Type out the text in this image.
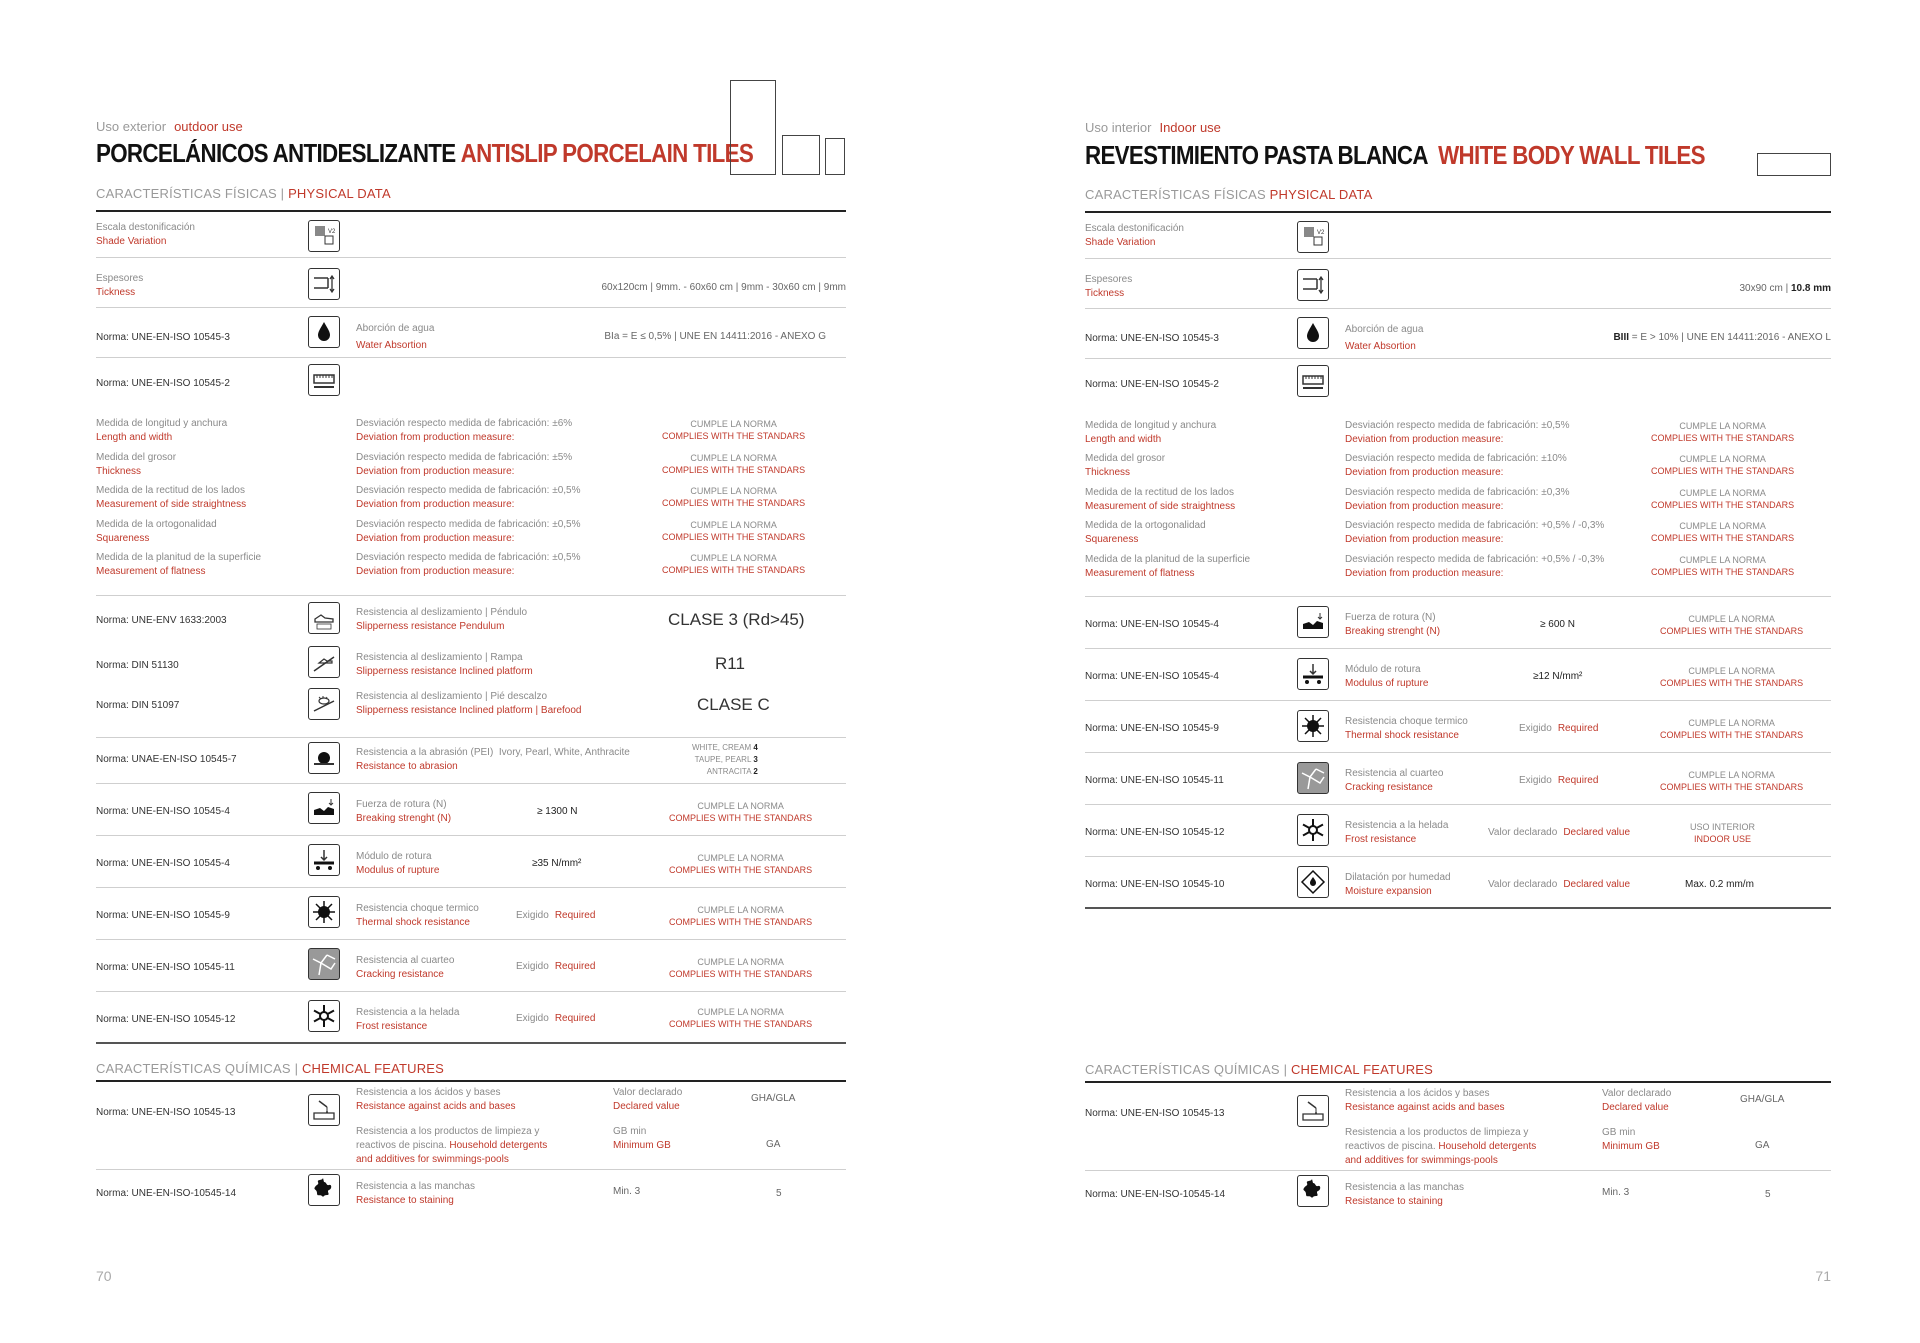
Uso exterior outdoor use
PORCELÁNICOS ANTIDESLIZANTE ANTISLIP PORCELAIN TILES
CARACTERÍSTICAS FÍSICAS | PHYSICAL DATA
Escala destonificación
Shade Variation
V2
Espesores
Tickness	60x120cm | 9mm. - 60x60 cm | 9mm - 30x60 cm | 9mm
Norma: UNE-EN-ISO 10545-3
Aborción de agua
Water Absortion
BIa = E ≤ 0,5% | UNE EN 14411:2016 - ANEXO G
Norma: UNE-EN-ISO 10545-2
Medida de longitud y anchura
Length and width
Desviación respecto medida de fabricación: ±6%
Deviation from production measure:
CUMPLE LA NORMA
COMPLIES WITH THE STANDARS
Medida del grosor
Thickness
Desviación respecto medida de fabricación: ±5%
Deviation from production measure:
CUMPLE LA NORMA
COMPLIES WITH THE STANDARS
Medida de la rectitud de los lados
Measurement of side straightness
Desviación respecto medida de fabricación: ±0,5%
Deviation from production measure:
CUMPLE LA NORMA
COMPLIES WITH THE STANDARS
Medida de la ortogonalidad
Squareness
Desviación respecto medida de fabricación: ±0,5%
Deviation from production measure:
CUMPLE LA NORMA
COMPLIES WITH THE STANDARS
Medida de la planitud de la superficie
Measurement of flatness
Desviación respecto medida de fabricación: ±0,5%
Deviation from production measure:
CUMPLE LA NORMA
COMPLIES WITH THE STANDARS
Norma: UNE-ENV 1633:2003
Resistencia al deslizamiento | Péndulo
Slipperness resistance Pendulum	CLASE 3 (Rd>45)
Norma: DIN 51130
Resistencia al deslizamiento | Rampa
Slipperness resistance Inclined platform	R11
Norma: DIN 51097
Resistencia al deslizamiento | Pié descalzo
Slipperness resistance Inclined platform | Barefood	CLASE C
Norma: UNAE-EN-ISO 10545-7
Resistencia a la abrasión (PEI) Ivory, Pearl, White, Anthracite
Resistance to abrasion
WHITE, CREAM 4
TAUPE, PEARL 3
ANTRACITA 2
Norma: UNE-EN-ISO 10545-4
Fuerza de rotura (N)
Breaking strenght (N)
≥ 1300 N	CUMPLE LA NORMA
COMPLIES WITH THE STANDARS
Norma: UNE-EN-ISO 10545-4
Módulo de rotura
Modulus of rupture
≥35 N/mm²	CUMPLE LA NORMA
COMPLIES WITH THE STANDARS
Norma: UNE-EN-ISO 10545-9
Resistencia choque termico
Thermal shock resistance
Exigido Required	CUMPLE LA NORMA
COMPLIES WITH THE STANDARS
Norma: UNE-EN-ISO 10545-11
Resistencia al cuarteo
Cracking resistance
Exigido Required	CUMPLE LA NORMA
COMPLIES WITH THE STANDARS
Norma: UNE-EN-ISO 10545-12
Resistencia a la helada
Frost resistance
Exigido Required
CUMPLE LA NORMA
COMPLIES WITH THE STANDARS
CARACTERÍSTICAS QUÍMICAS | CHEMICAL FEATURES
Norma: UNE-EN-ISO 10545-13
Resistencia a los ácidos y bases
Resistance against acids and bases
Valor declarado
Declared value
GHA/GLA
Resistencia a los productos de limpieza y
reactivos de piscina. Household detergents
and additives for swimmings-pools
GB min
Minimum GB	GA
Norma: UNE-EN-ISO-10545-14
Resistencia a las manchas
Resistance to staining
Min. 3	5
70
Uso interior Indoor use
REVESTIMIENTO PASTA BLANCA WHITE BODY WALL TILES
CARACTERÍSTICAS FÍSICAS PHYSICAL DATA
Escala destonificación
Shade Variation
V2
Espesores
Tickness	30x90 cm | 10.8 mm
Norma: UNE-EN-ISO 10545-3
Aborción de agua
Water Absortion
BIII = E > 10% | UNE EN 14411:2016 - ANEXO L
Norma: UNE-EN-ISO 10545-2
Medida de longitud y anchura
Length and width
Desviación respecto medida de fabricación: ±0,5%
Deviation from production measure:
CUMPLE LA NORMA
COMPLIES WITH THE STANDARS
Medida del grosor
Thickness
Desviación respecto medida de fabricación: ±10%
Deviation from production measure:
CUMPLE LA NORMA
COMPLIES WITH THE STANDARS
Medida de la rectitud de los lados
Measurement of side straightness
Desviación respecto medida de fabricación: ±0,3%
Deviation from production measure:
CUMPLE LA NORMA
COMPLIES WITH THE STANDARS
Medida de la ortogonalidad
Squareness
Desviación respecto medida de fabricación: +0,5% / -0,3%
Deviation from production measure:
CUMPLE LA NORMA
COMPLIES WITH THE STANDARS
Medida de la planitud de la superficie
Measurement of flatness
Desviación respecto medida de fabricación: +0,5% / -0,3%
Deviation from production measure:
CUMPLE LA NORMA
COMPLIES WITH THE STANDARS
Norma: UNE-EN-ISO 10545-4
Fuerza de rotura (N)
Breaking strenght (N)
≥ 600 N	CUMPLE LA NORMA
COMPLIES WITH THE STANDARS
Norma: UNE-EN-ISO 10545-4
Módulo de rotura
Modulus of rupture
≥12 N/mm²	CUMPLE LA NORMA
COMPLIES WITH THE STANDARS
Norma: UNE-EN-ISO 10545-9
Resistencia choque termico
Thermal shock resistance
Exigido Required	CUMPLE LA NORMA
COMPLIES WITH THE STANDARS
Norma: UNE-EN-ISO 10545-11
Resistencia al cuarteo
Cracking resistance
Exigido Required	CUMPLE LA NORMA
COMPLIES WITH THE STANDARS
Norma: UNE-EN-ISO 10545-12
Resistencia a la helada
Frost resistance
Valor declarado Declared value	USO INTERIOR
INDOOR USE
Norma: UNE-EN-ISO 10545-10
Dilatación por humedad
Moisture expansion
Valor declarado Declared value	Max. 0.2 mm/m
CARACTERÍSTICAS QUÍMICAS | CHEMICAL FEATURES
Norma: UNE-EN-ISO 10545-13
Resistencia a los ácidos y bases
Resistance against acids and bases
Valor declarado
Declared value
GHA/GLA
Resistencia a los productos de limpieza y
reactivos de piscina. Household detergents
and additives for swimmings-pools
GB min
Minimum GB	GA
Norma: UNE-EN-ISO-10545-14
Resistencia a las manchas
Resistance to staining
Min. 3	5
71
